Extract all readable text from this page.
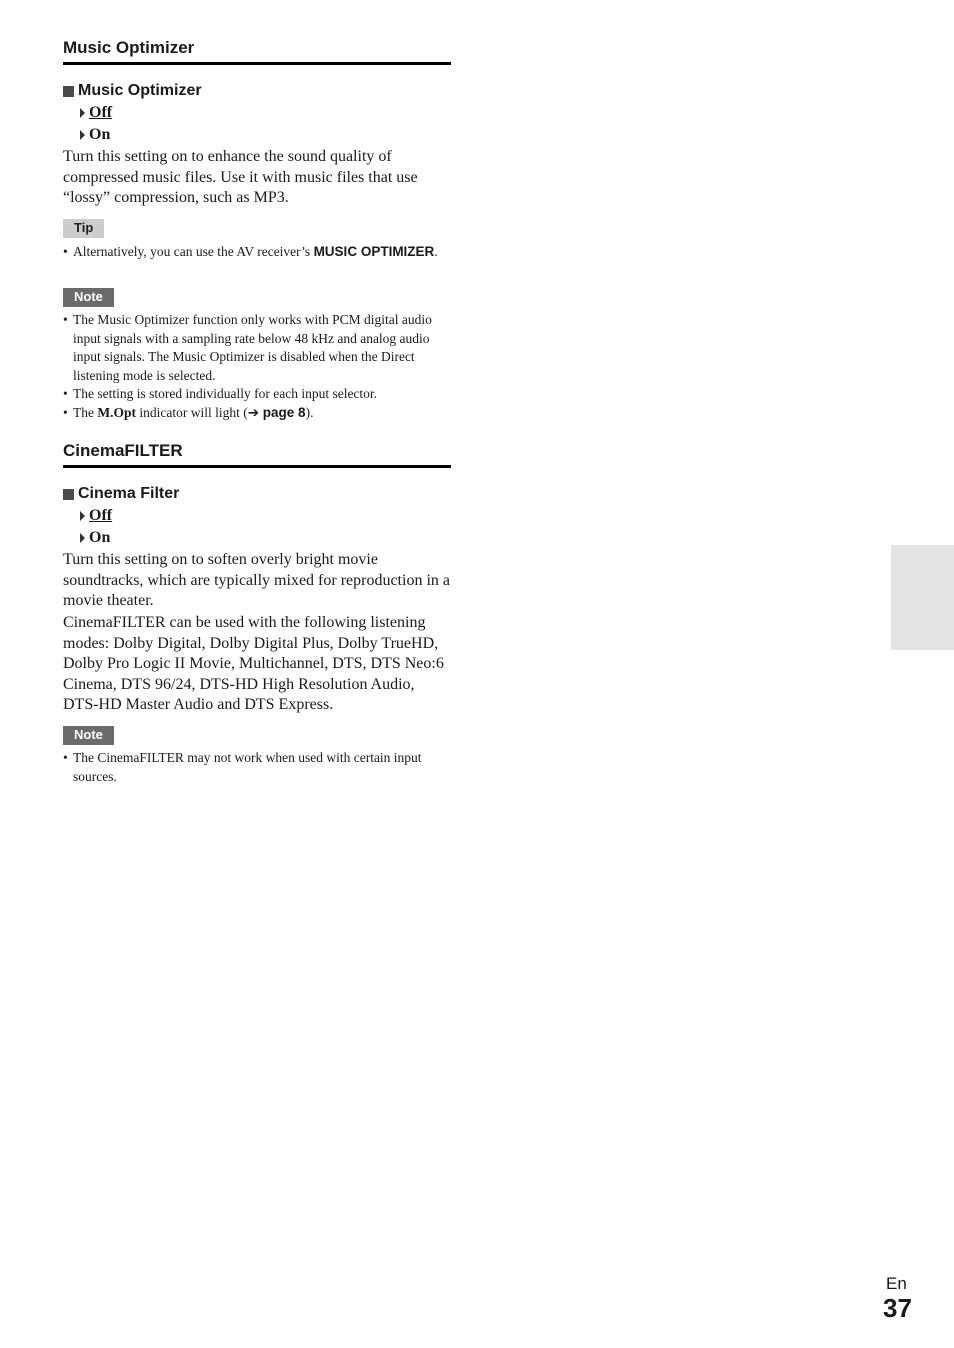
Music Optimizer
Music Optimizer
Off
On
Turn this setting on to enhance the sound quality of compressed music files. Use it with music files that use “lossy” compression, such as MP3.
Tip
• Alternatively, you can use the AV receiver’s MUSIC OPTIMIZER.
Note
• The Music Optimizer function only works with PCM digital audio input signals with a sampling rate below 48 kHz and analog audio input signals. The Music Optimizer is disabled when the Direct listening mode is selected.
• The setting is stored individually for each input selector.
• The M.Opt indicator will light (➔ page 8).
CinemaFILTER
Cinema Filter
Off
On
Turn this setting on to soften overly bright movie soundtracks, which are typically mixed for reproduction in a movie theater.
CinemaFILTER can be used with the following listening modes: Dolby Digital, Dolby Digital Plus, Dolby TrueHD, Dolby Pro Logic II Movie, Multichannel, DTS, DTS Neo:6 Cinema, DTS 96/24, DTS-HD High Resolution Audio, DTS-HD Master Audio and DTS Express.
Note
• The CinemaFILTER may not work when used with certain input sources.
En
37
